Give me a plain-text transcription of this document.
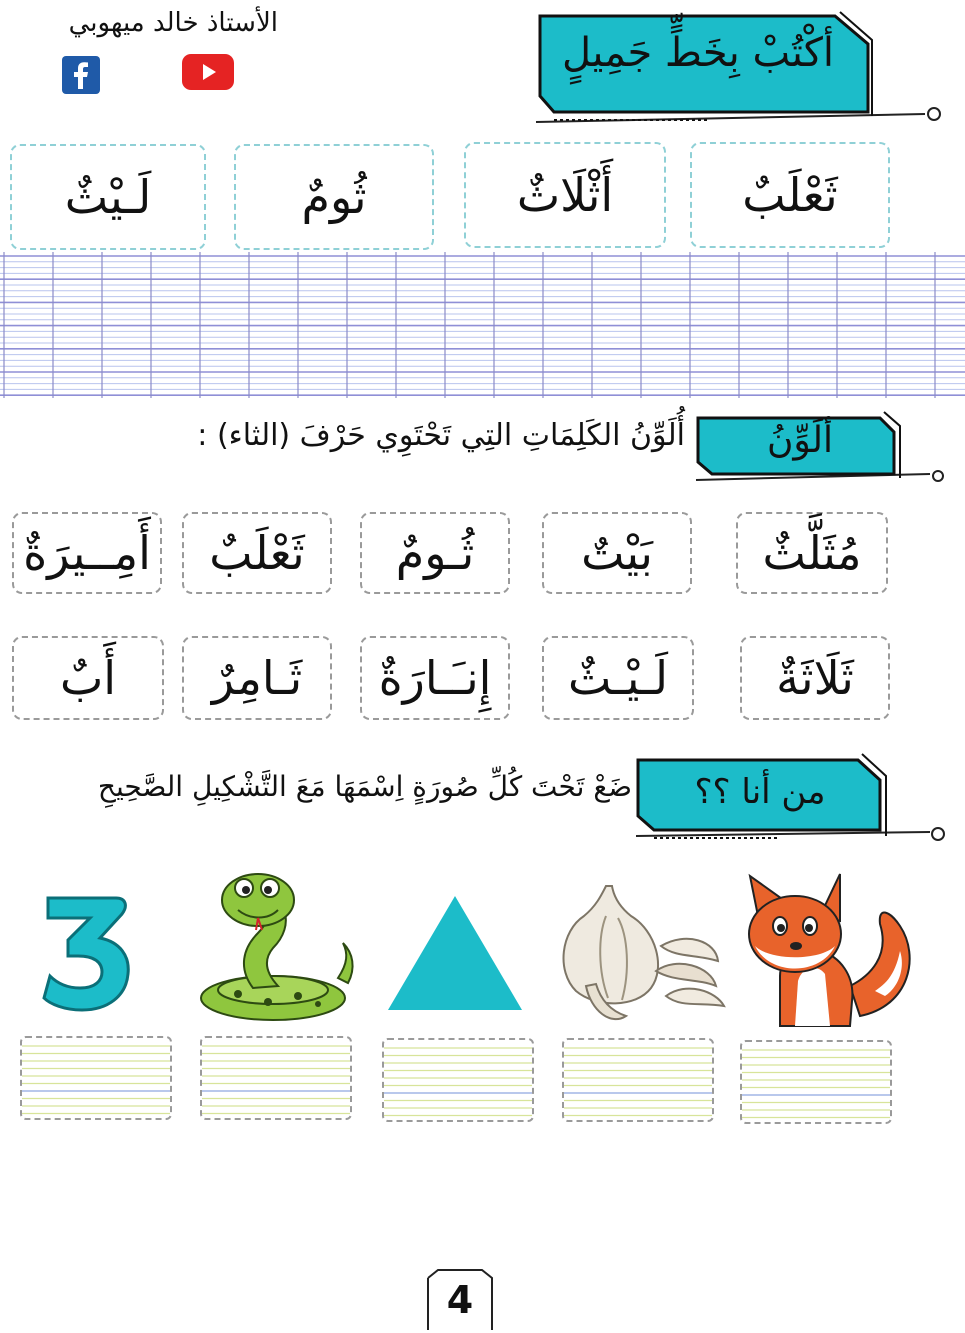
الأستاذ خالد ميهوبي
أكْتُبْ بِخَطٍّ جَمِيلٍ
ثَعْلَبٌ
أَثْلَاثٌ
ثُومٌ
لَـيْثٌ
ألَوِّنُ
أُلَوِّنُ الكَلِمَاتِ التِي تَحْتَوِي حَرْفَ (الثاء) :
مُثَلَّثٌ
بَيْتٌ
ثُـومٌ
ثَعْلَبٌ
أَمِــيرَةٌ
ثَلَاثَةٌ
لَـيْـثٌ
إِنـَـارَةٌ
ثَـامِرٌ
أَبٌ
من أنا ؟؟
ضَعْ تَحْتَ كُلِّ صُورَةٍ اِسْمَهَا مَعَ التَّشْكِيلِ الصَّحِيحِ
4
